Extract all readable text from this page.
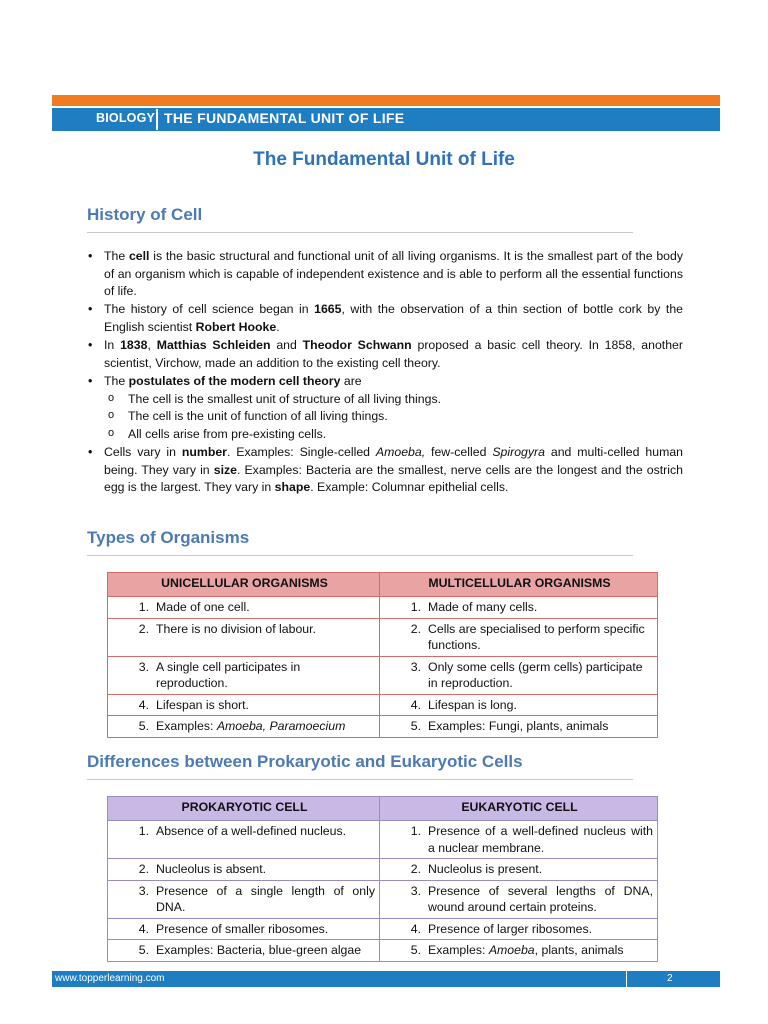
BIOLOGY THE FUNDAMENTAL UNIT OF LIFE
The Fundamental Unit of Life
History of Cell
• The cell is the basic structural and functional unit of all living organisms. It is the smallest part of the body of an organism which is capable of independent existence and is able to perform all the essential functions of life.
• The history of cell science began in 1665, with the observation of a thin section of bottle cork by the English scientist Robert Hooke.
• In 1838, Matthias Schleiden and Theodor Schwann proposed a basic cell theory. In 1858, another scientist, Virchow, made an addition to the existing cell theory.
• The postulates of the modern cell theory are
o The cell is the smallest unit of structure of all living things.
o The cell is the unit of function of all living things.
o All cells arise from pre-existing cells.
• Cells vary in number. Examples: Single-celled Amoeba, few-celled Spirogyra and multi-celled human being. They vary in size. Examples: Bacteria are the smallest, nerve cells are the longest and the ostrich egg is the largest. They vary in shape. Example: Columnar epithelial cells.
Types of Organisms
UNICELLULAR ORGANISMS	MULTICELLULAR ORGANISMS

1. Made of one cell.	1. Made of many cells.

2. There is no division of labour.	2. Cells are specialised to perform specific functions.

3. A single cell participates in reproduction.	3. Only some cells (germ cells) participate in reproduction.

4. Lifespan is short.	4. Lifespan is long.

5. Examples: Amoeba, Paramoecium	5. Examples: Fungi, plants, animals
Differences between Prokaryotic and Eukaryotic Cells
PROKARYOTIC CELL	EUKARYOTIC CELL

1. Absence of a well-defined nucleus.	1. Presence of a well-defined nucleus with a nuclear membrane.

2. Nucleolus is absent.	2. Nucleolus is present.

3. Presence of a single length of only DNA.	3. Presence of several lengths of DNA, wound around certain proteins.

4. Presence of smaller ribosomes.	4. Presence of larger ribosomes.

5. Examples: Bacteria, blue-green algae	5. Examples: Amoeba, plants, animals
www.topperlearning.com	2
